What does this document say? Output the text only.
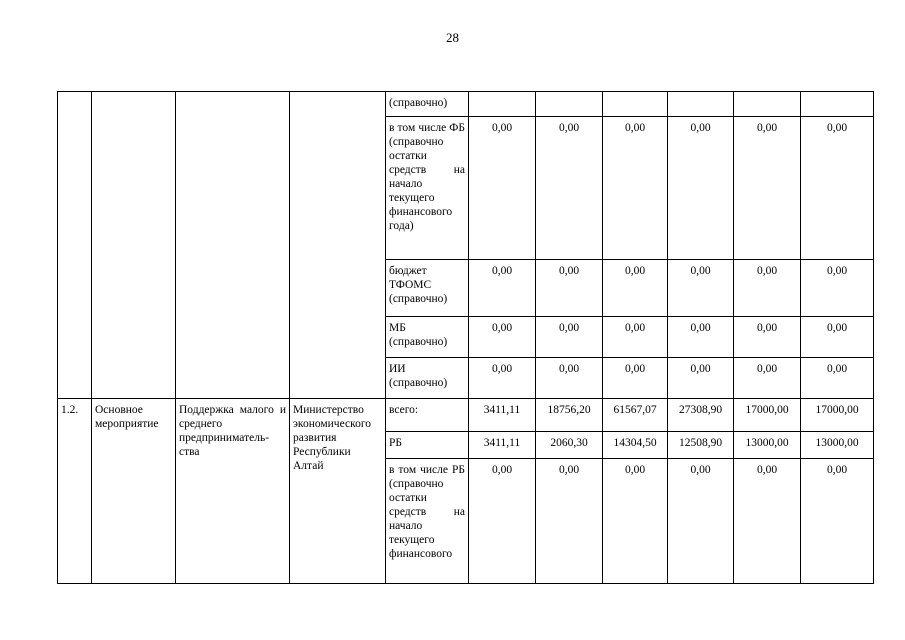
28
				(справочно)						
				в том числе ФБ (справочно остатки средств на начало текущего финансового года)	0,00	0,00	0,00	0,00	0,00	0,00
				бюджет ТФОМС (справочно)	0,00	0,00	0,00	0,00	0,00	0,00
				МБ (справочно)	0,00	0,00	0,00	0,00	0,00	0,00
				ИИ (справочно)	0,00	0,00	0,00	0,00	0,00	0,00
1.2.	Основное мероприятие	Поддержка малого и среднего предприниматель-ства	Министерство экономического развития Республики Алтай	всего:	3411,11	18756,20	61567,07	27308,90	17000,00	17000,00
				РБ	3411,11	2060,30	14304,50	12508,90	13000,00	13000,00
				в том числе РБ (справочно остатки средств на начало текущего финансового	0,00	0,00	0,00	0,00	0,00	0,00
